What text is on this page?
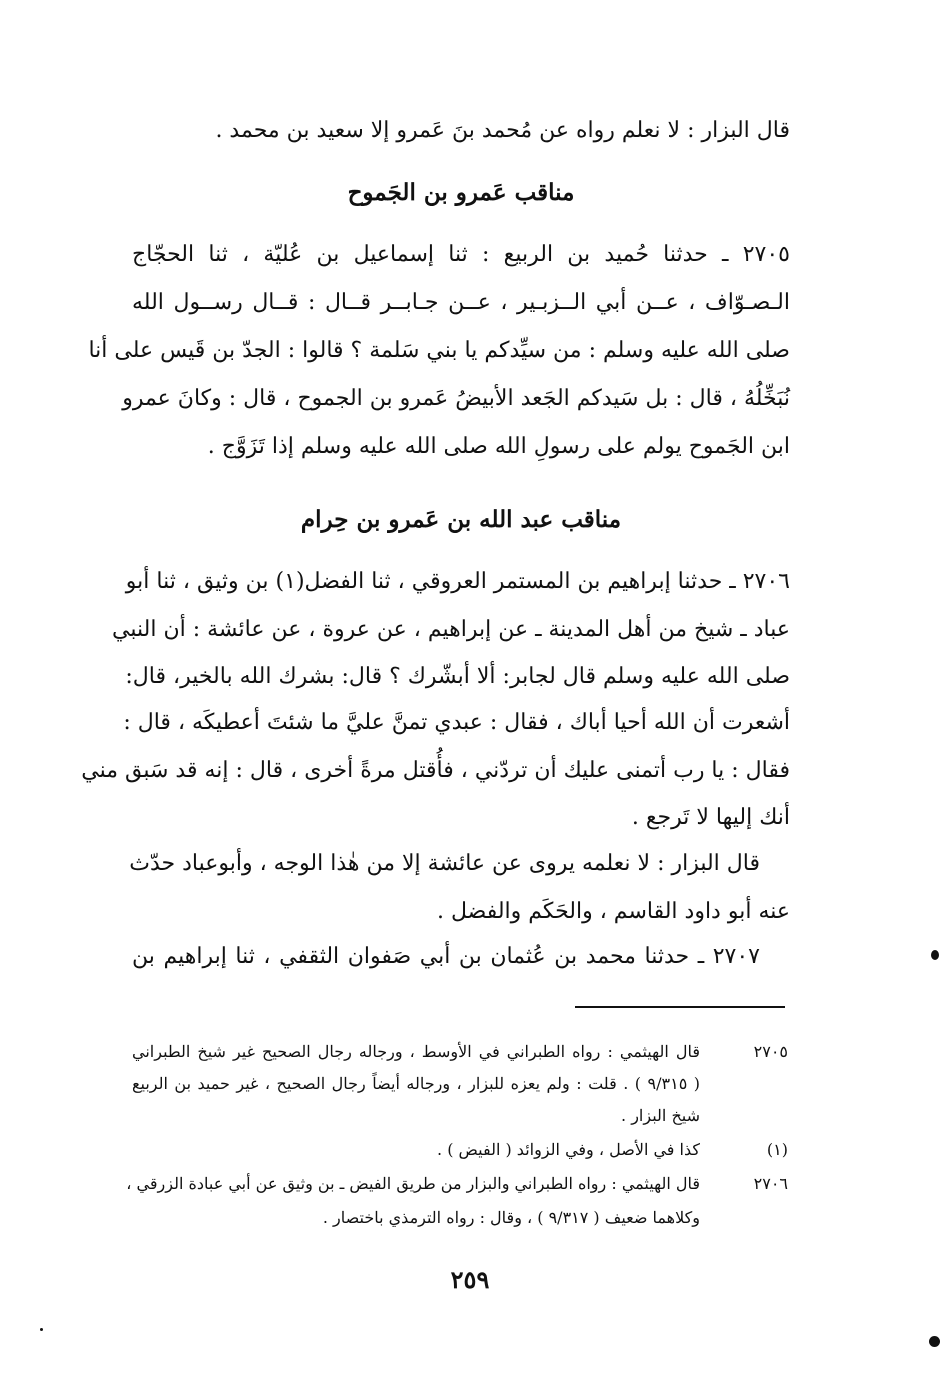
قال البزار : لا نعلم رواه عن مُحمد بنَ عَمرو إلا سعيد بن محمد .
مناقب عَمرو بن الجَموح
٢٧٠٥ ـ حدثنا حُميد بن الربيع : ثنا إسماعيل بن عُليّة ، ثنا الحجّاج
الـصـوّاف ، عــن أبي الــزبـير ، عــن جـابــر قــال : قــال رســول الله
صلى الله عليه وسلم : من سيِّدكم يا بني سَلمة ؟ قالوا : الجدّ بن قَيس على أنا
نُبَخِّلُهُ ، قال : بل سَيدكم الجَعد الأبيضُ عَمرو بن الجموح ، قال : وكانَ عمرو
ابن الجَموح يولم على رسولِ الله صلى الله عليه وسلم إذا تَزَوَّج .
مناقب عبد الله بن عَمرو بن حِرام
٢٧٠٦ ـ حدثنا إبراهيم بن المستمر العروقي ، ثنا الفضل(١) بن وثيق ، ثنا أبو
عباد ـ شيخ من أهل المدينة ـ عن إبراهيم ، عن عروة ، عن عائشة : أن النبي
صلى الله عليه وسلم قال لجابر: ألا أبشّرك ؟ قال: بشرك الله بالخير، قال:
أشعرت أن الله أحيا أباك ، فقال : عبدي تمنَّ عليَّ ما شئتَ أعطيكَه ، قال :
فقال : يا رب أتمنى عليك أن تردّني ، فأُقتل مرةً أخرى ، قال : إنه قد سَبق مني
أنك إليها لا تَرجع .
قال البزار : لا نعلمه يروى عن عائشة إلا من هٰذا الوجه ، وأبوعباد حدّث
عنه أبو داود القاسم ، والحَكَم والفضل .
٢٧٠٧ ـ حدثنا محمد بن عُثمان بن أبي صَفوان الثقفي ، ثنا إبراهيم بن
٢٧٠٥
قال الهيثمي : رواه الطبراني في الأوسط ، ورجاله رجال الصحيح غير شيخ الطبراني
( ٩/٣١٥ ) . قلت : ولم يعزه للبزار ، ورجاله أيضاً رجال الصحيح ، غير حميد بن الربيع
شيخ البزار .
(١)
كذا في الأصل ، وفي الزوائد ( الفيض ) .
٢٧٠٦
قال الهيثمي : رواه الطبراني والبزار من طريق الفيض ـ بن وثيق عن أبي عبادة الزرقي ،
وكلاهما ضعيف ( ٩/٣١٧ ) ، وقال : رواه الترمذي باختصار .
٢٥٩
